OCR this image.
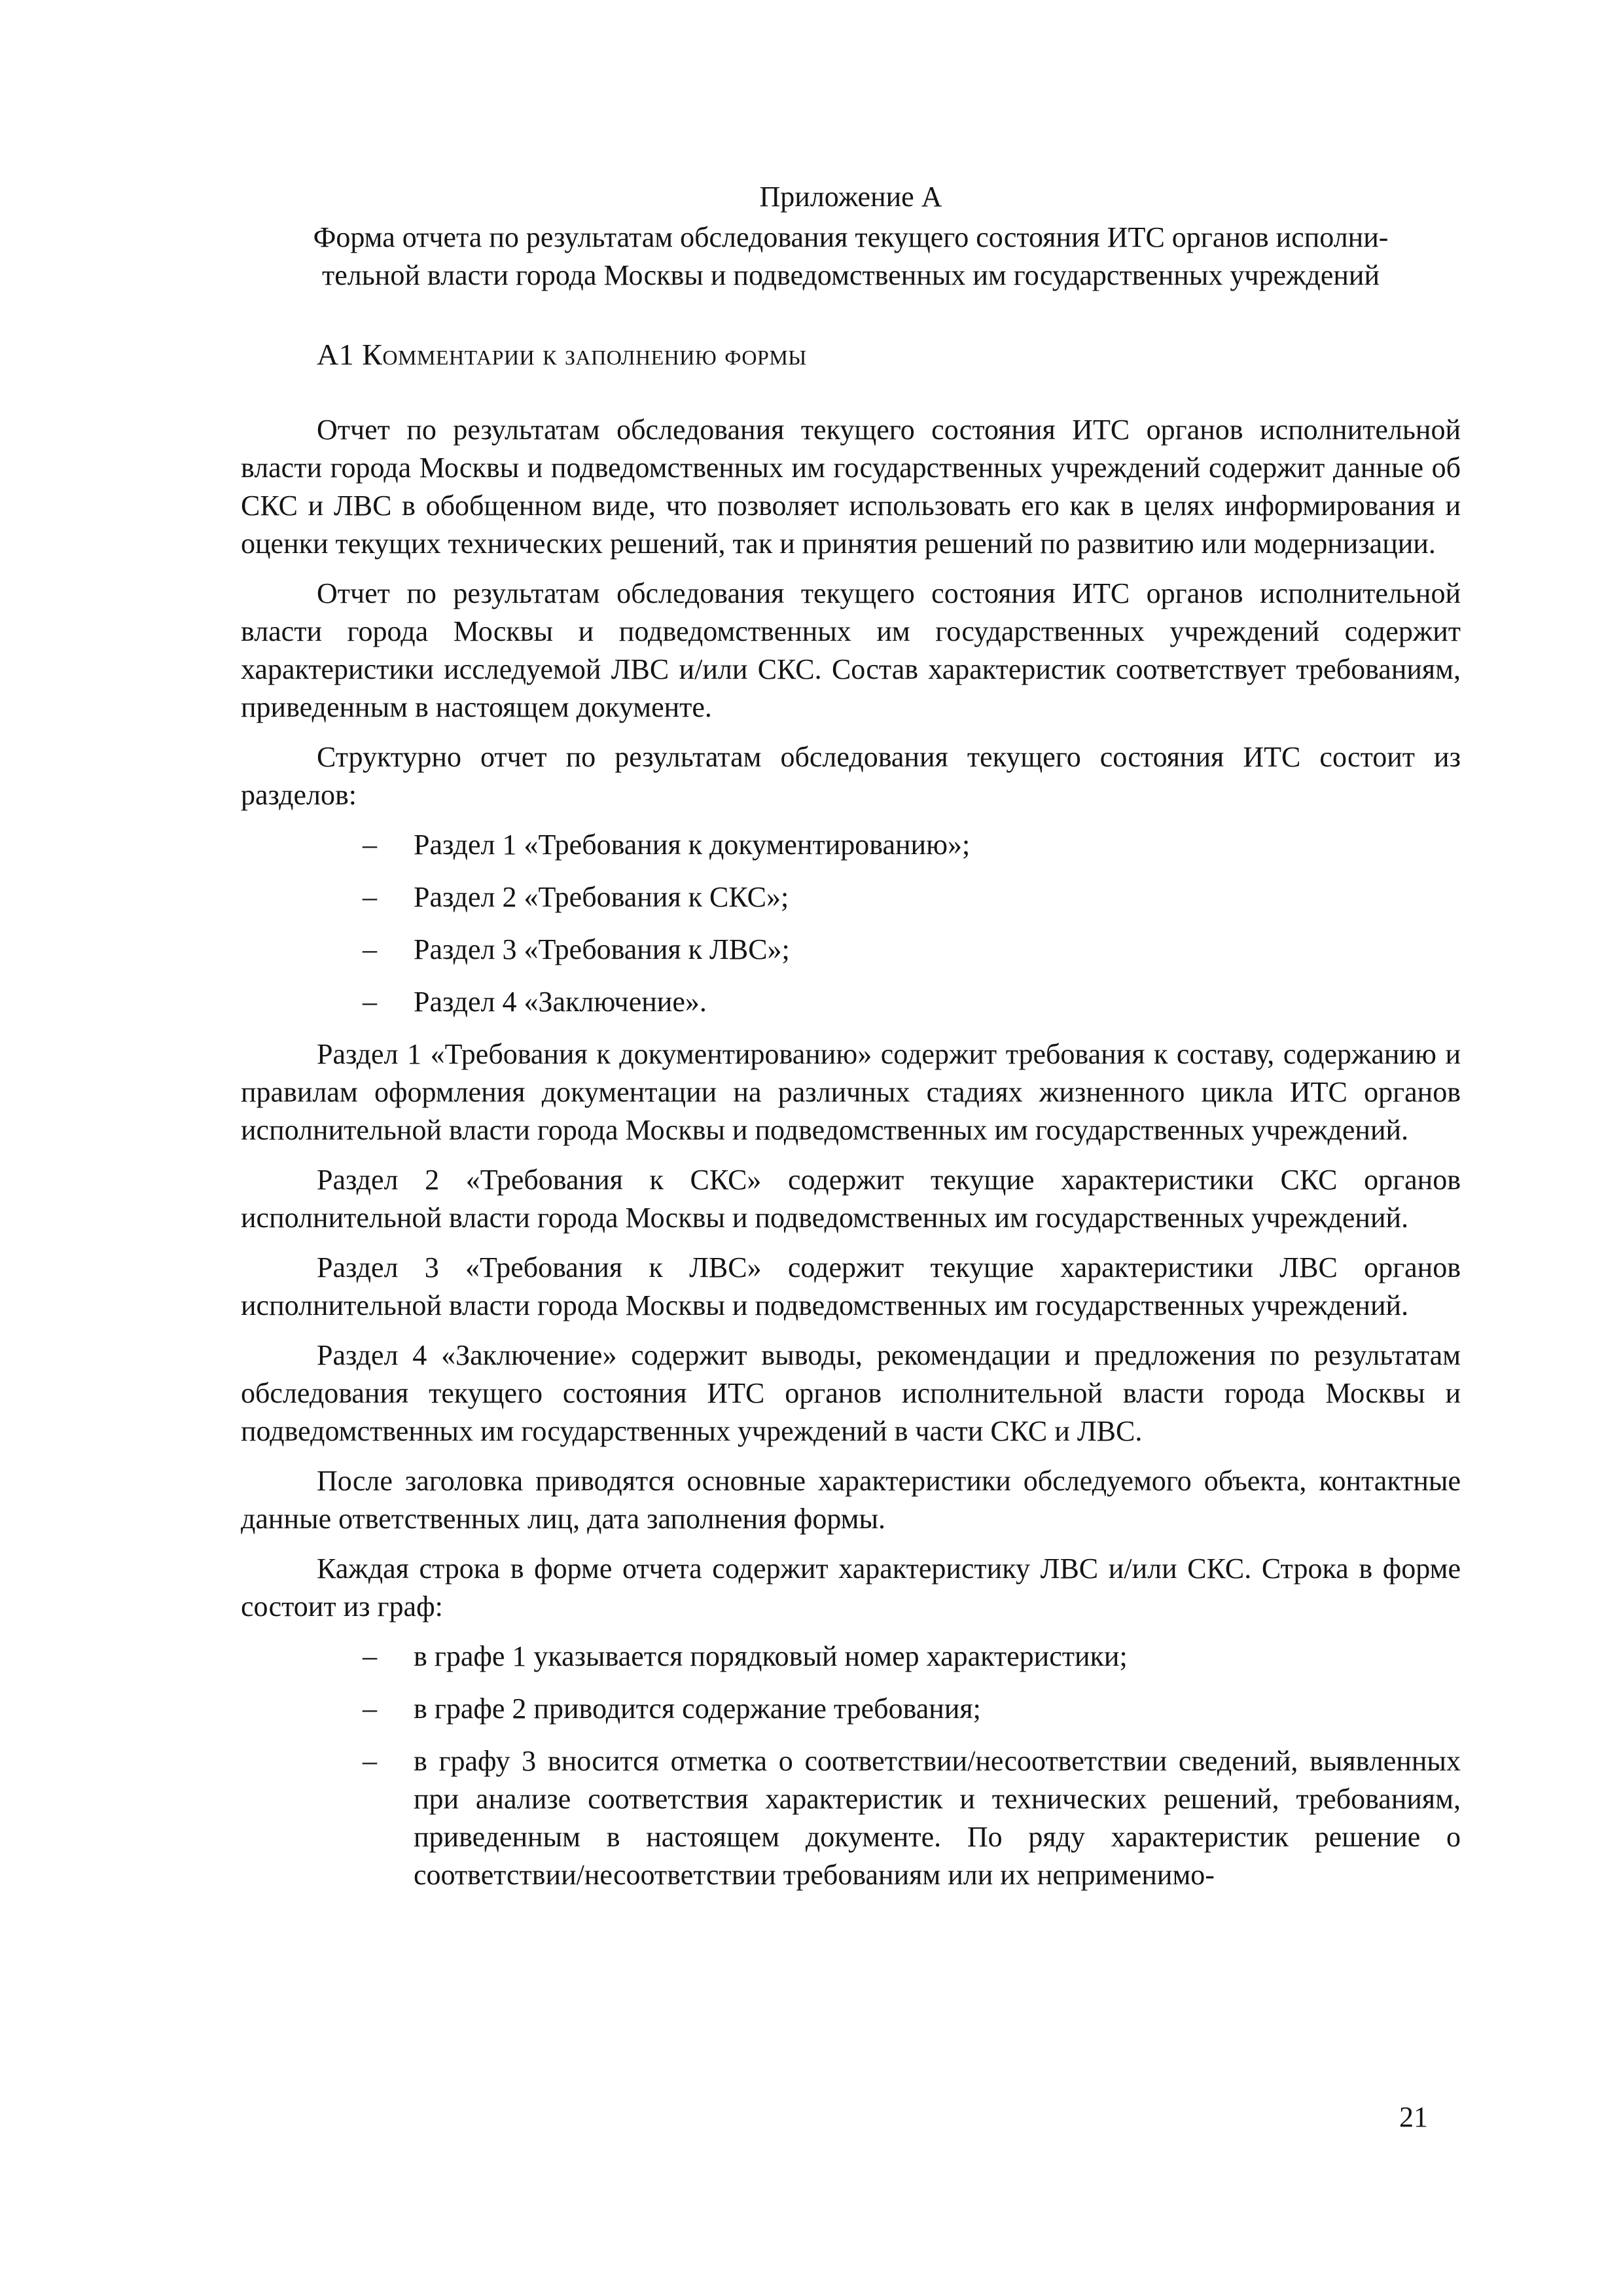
Приложение А

Форма отчета по результатам обследования текущего состояния ИТС органов исполни-

тельной власти города Москвы и подведомственных им государственных учреждений

А1 Комментарии к заполнению формы

Отчет по результатам обследования текущего состояния ИТС органов исполнительной власти города Москвы и подведомственных им государственных учреждений содержит данные об СКС и ЛВС в обобщенном виде, что позволяет использовать его как в целях информирования и оценки текущих технических решений, так и принятия решений по развитию или модернизации.

Отчет по результатам обследования текущего состояния ИТС органов исполнительной власти города Москвы и подведомственных им государственных учреждений содержит характеристики исследуемой ЛВС и/или СКС. Состав характеристик соответствует требованиям, приведенным в настоящем документе.

Структурно отчет по результатам обследования текущего состояния ИТС состоит из разделов:

– Раздел 1 «Требования к документированию»;
– Раздел 2 «Требования к СКС»;
– Раздел 3 «Требования к ЛВС»;
– Раздел 4 «Заключение».

Раздел 1 «Требования к документированию» содержит требования к составу, содержанию и правилам оформления документации на различных стадиях жизненного цикла ИТС органов исполнительной власти города Москвы и подведомственных им государственных учреждений.

Раздел 2 «Требования к СКС» содержит текущие характеристики СКС органов исполнительной власти города Москвы и подведомственных им государственных учреждений.

Раздел 3 «Требования к ЛВС» содержит текущие характеристики ЛВС органов исполнительной власти города Москвы и подведомственных им государственных учреждений.

Раздел 4 «Заключение» содержит выводы, рекомендации и предложения по результатам обследования текущего состояния ИТС органов исполнительной власти города Москвы и подведомственных им государственных учреждений в части СКС и ЛВС.

После заголовка приводятся основные характеристики обследуемого объекта, контактные данные ответственных лиц, дата заполнения формы.

Каждая строка в форме отчета содержит характеристику ЛВС и/или СКС. Строка в форме состоит из граф:

– в графе 1 указывается порядковый номер характеристики;
– в графе 2 приводится содержание требования;
– в графу 3 вносится отметка о соответствии/несоответствии сведений, выявленных при анализе соответствия характеристик и технических решений, требованиям, приведенным в настоящем документе. По ряду характеристик решение о соответствии/несоответствии требованиям или их неприменимо-
21
